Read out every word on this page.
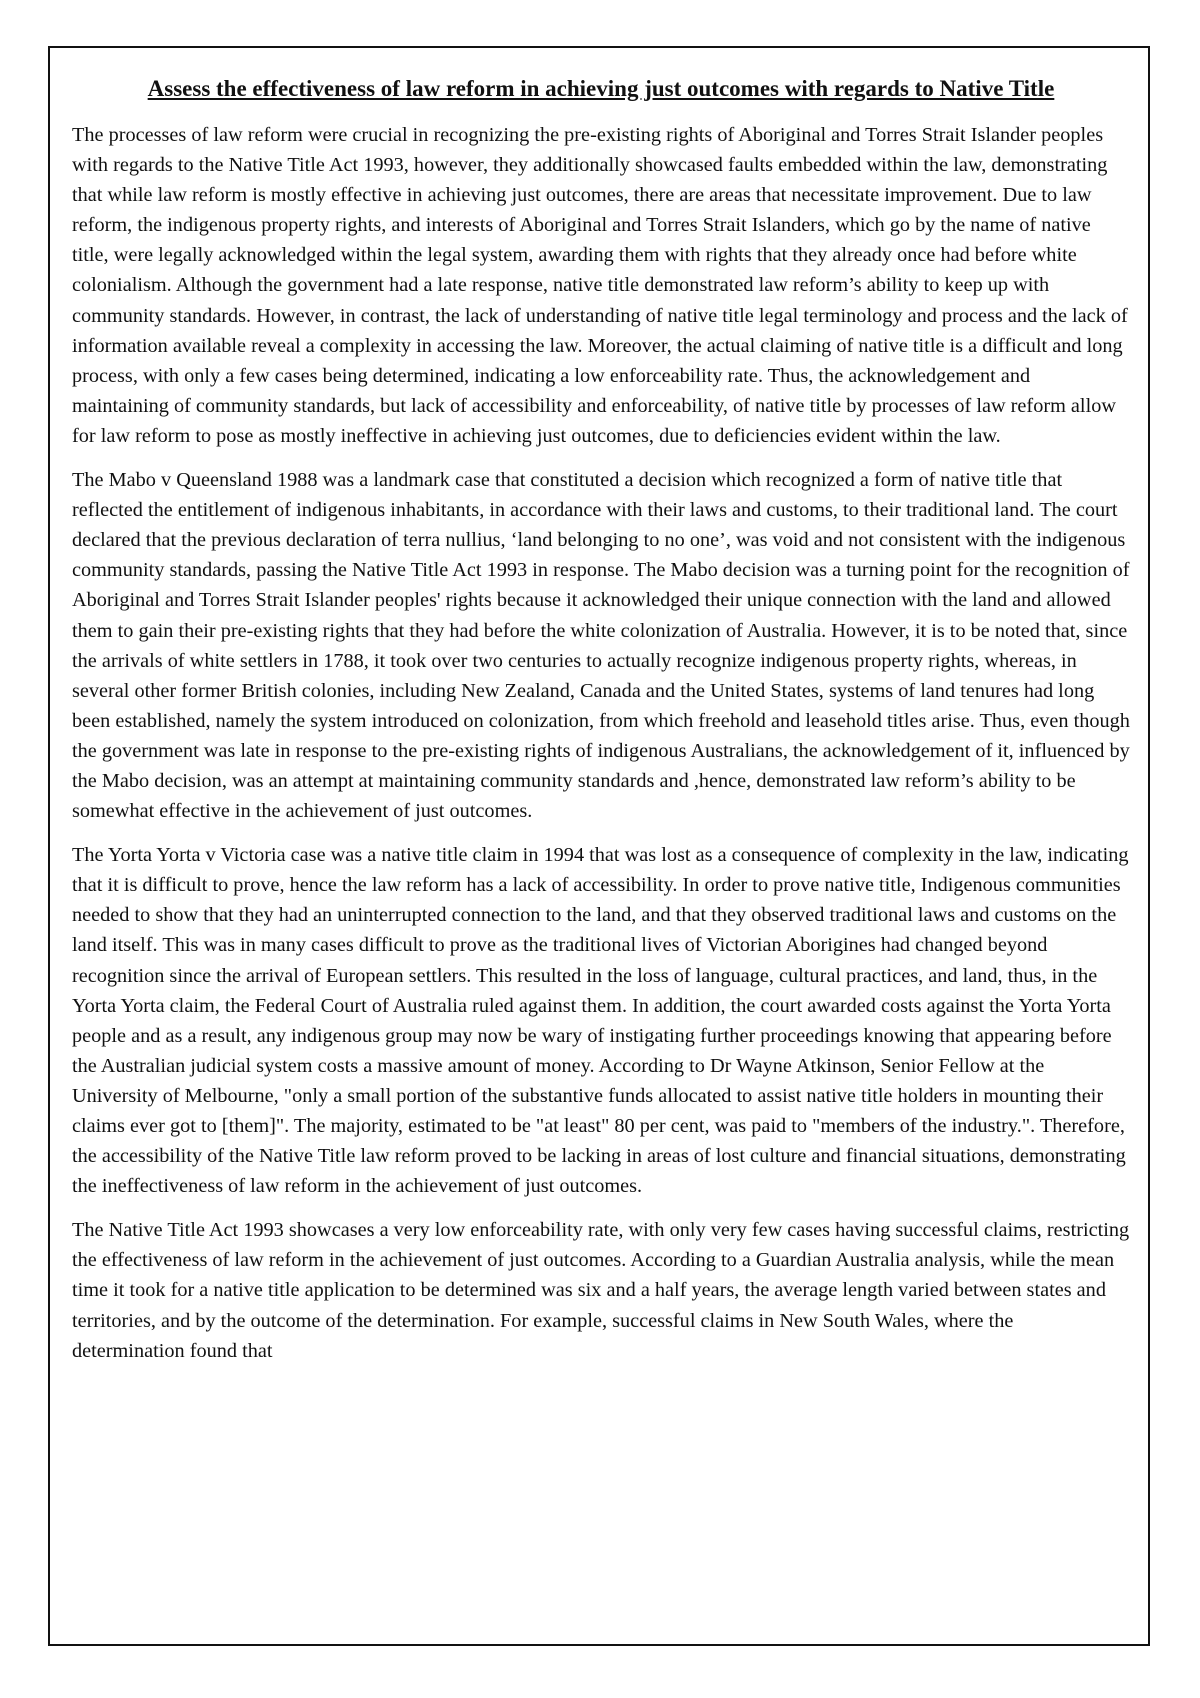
Assess the effectiveness of law reform in achieving just outcomes with regards to Native Title

The processes of law reform were crucial in recognizing the pre-existing rights of Aboriginal and Torres Strait Islander peoples with regards to the Native Title Act 1993, however, they additionally showcased faults embedded within the law, demonstrating that while law reform is mostly effective in achieving just outcomes, there are areas that necessitate improvement. Due to law reform, the indigenous property rights, and interests of Aboriginal and Torres Strait Islanders, which go by the name of native title, were legally acknowledged within the legal system, awarding them with rights that they already once had before white colonialism. Although the government had a late response, native title demonstrated law reform’s ability to keep up with community standards. However, in contrast, the lack of understanding of native title legal terminology and process and the lack of information available reveal a complexity in accessing the law. Moreover, the actual claiming of native title is a difficult and long process, with only a few cases being determined, indicating a low enforceability rate. Thus, the acknowledgement and maintaining of community standards, but lack of accessibility and enforceability, of native title by processes of law reform allow for law reform to pose as mostly ineffective in achieving just outcomes, due to deficiencies evident within the law.

The Mabo v Queensland 1988 was a landmark case that constituted a decision which recognized a form of native title that reflected the entitlement of indigenous inhabitants, in accordance with their laws and customs, to their traditional land. The court declared that the previous declaration of terra nullius, ‘land belonging to no one’, was void and not consistent with the indigenous community standards, passing the Native Title Act 1993 in response. The Mabo decision was a turning point for the recognition of Aboriginal and Torres Strait Islander peoples' rights because it acknowledged their unique connection with the land and allowed them to gain their pre-existing rights that they had before the white colonization of Australia. However, it is to be noted that, since the arrivals of white settlers in 1788, it took over two centuries to actually recognize indigenous property rights, whereas, in several other former British colonies, including New Zealand, Canada and the United States, systems of land tenures had long been established, namely the system introduced on colonization, from which freehold and leasehold titles arise. Thus, even though the government was late in response to the pre-existing rights of indigenous Australians, the acknowledgement of it, influenced by the Mabo decision, was an attempt at maintaining community standards and ,hence, demonstrated law reform’s ability to be somewhat effective in the achievement of just outcomes.

The Yorta Yorta v Victoria case was a native title claim in 1994 that was lost as a consequence of complexity in the law, indicating that it is difficult to prove, hence the law reform has a lack of accessibility. In order to prove native title, Indigenous communities needed to show that they had an uninterrupted connection to the land, and that they observed traditional laws and customs on the land itself. This was in many cases difficult to prove as the traditional lives of Victorian Aborigines had changed beyond recognition since the arrival of European settlers. This resulted in the loss of language, cultural practices, and land, thus, in the Yorta Yorta claim, the Federal Court of Australia ruled against them. In addition, the court awarded costs against the Yorta Yorta people and as a result, any indigenous group may now be wary of instigating further proceedings knowing that appearing before the Australian judicial system costs a massive amount of money. According to Dr Wayne Atkinson, Senior Fellow at the University of Melbourne, "only a small portion of the substantive funds allocated to assist native title holders in mounting their claims ever got to [them]". The majority, estimated to be "at least" 80 per cent, was paid to "members of the industry.". Therefore, the accessibility of the Native Title law reform proved to be lacking in areas of lost culture and financial situations, demonstrating the ineffectiveness of law reform in the achievement of just outcomes.

The Native Title Act 1993 showcases a very low enforceability rate, with only very few cases having successful claims, restricting the effectiveness of law reform in the achievement of just outcomes. According to a Guardian Australia analysis, while the mean time it took for a native title application to be determined was six and a half years, the average length varied between states and territories, and by the outcome of the determination. For example, successful claims in New South Wales, where the determination found that
